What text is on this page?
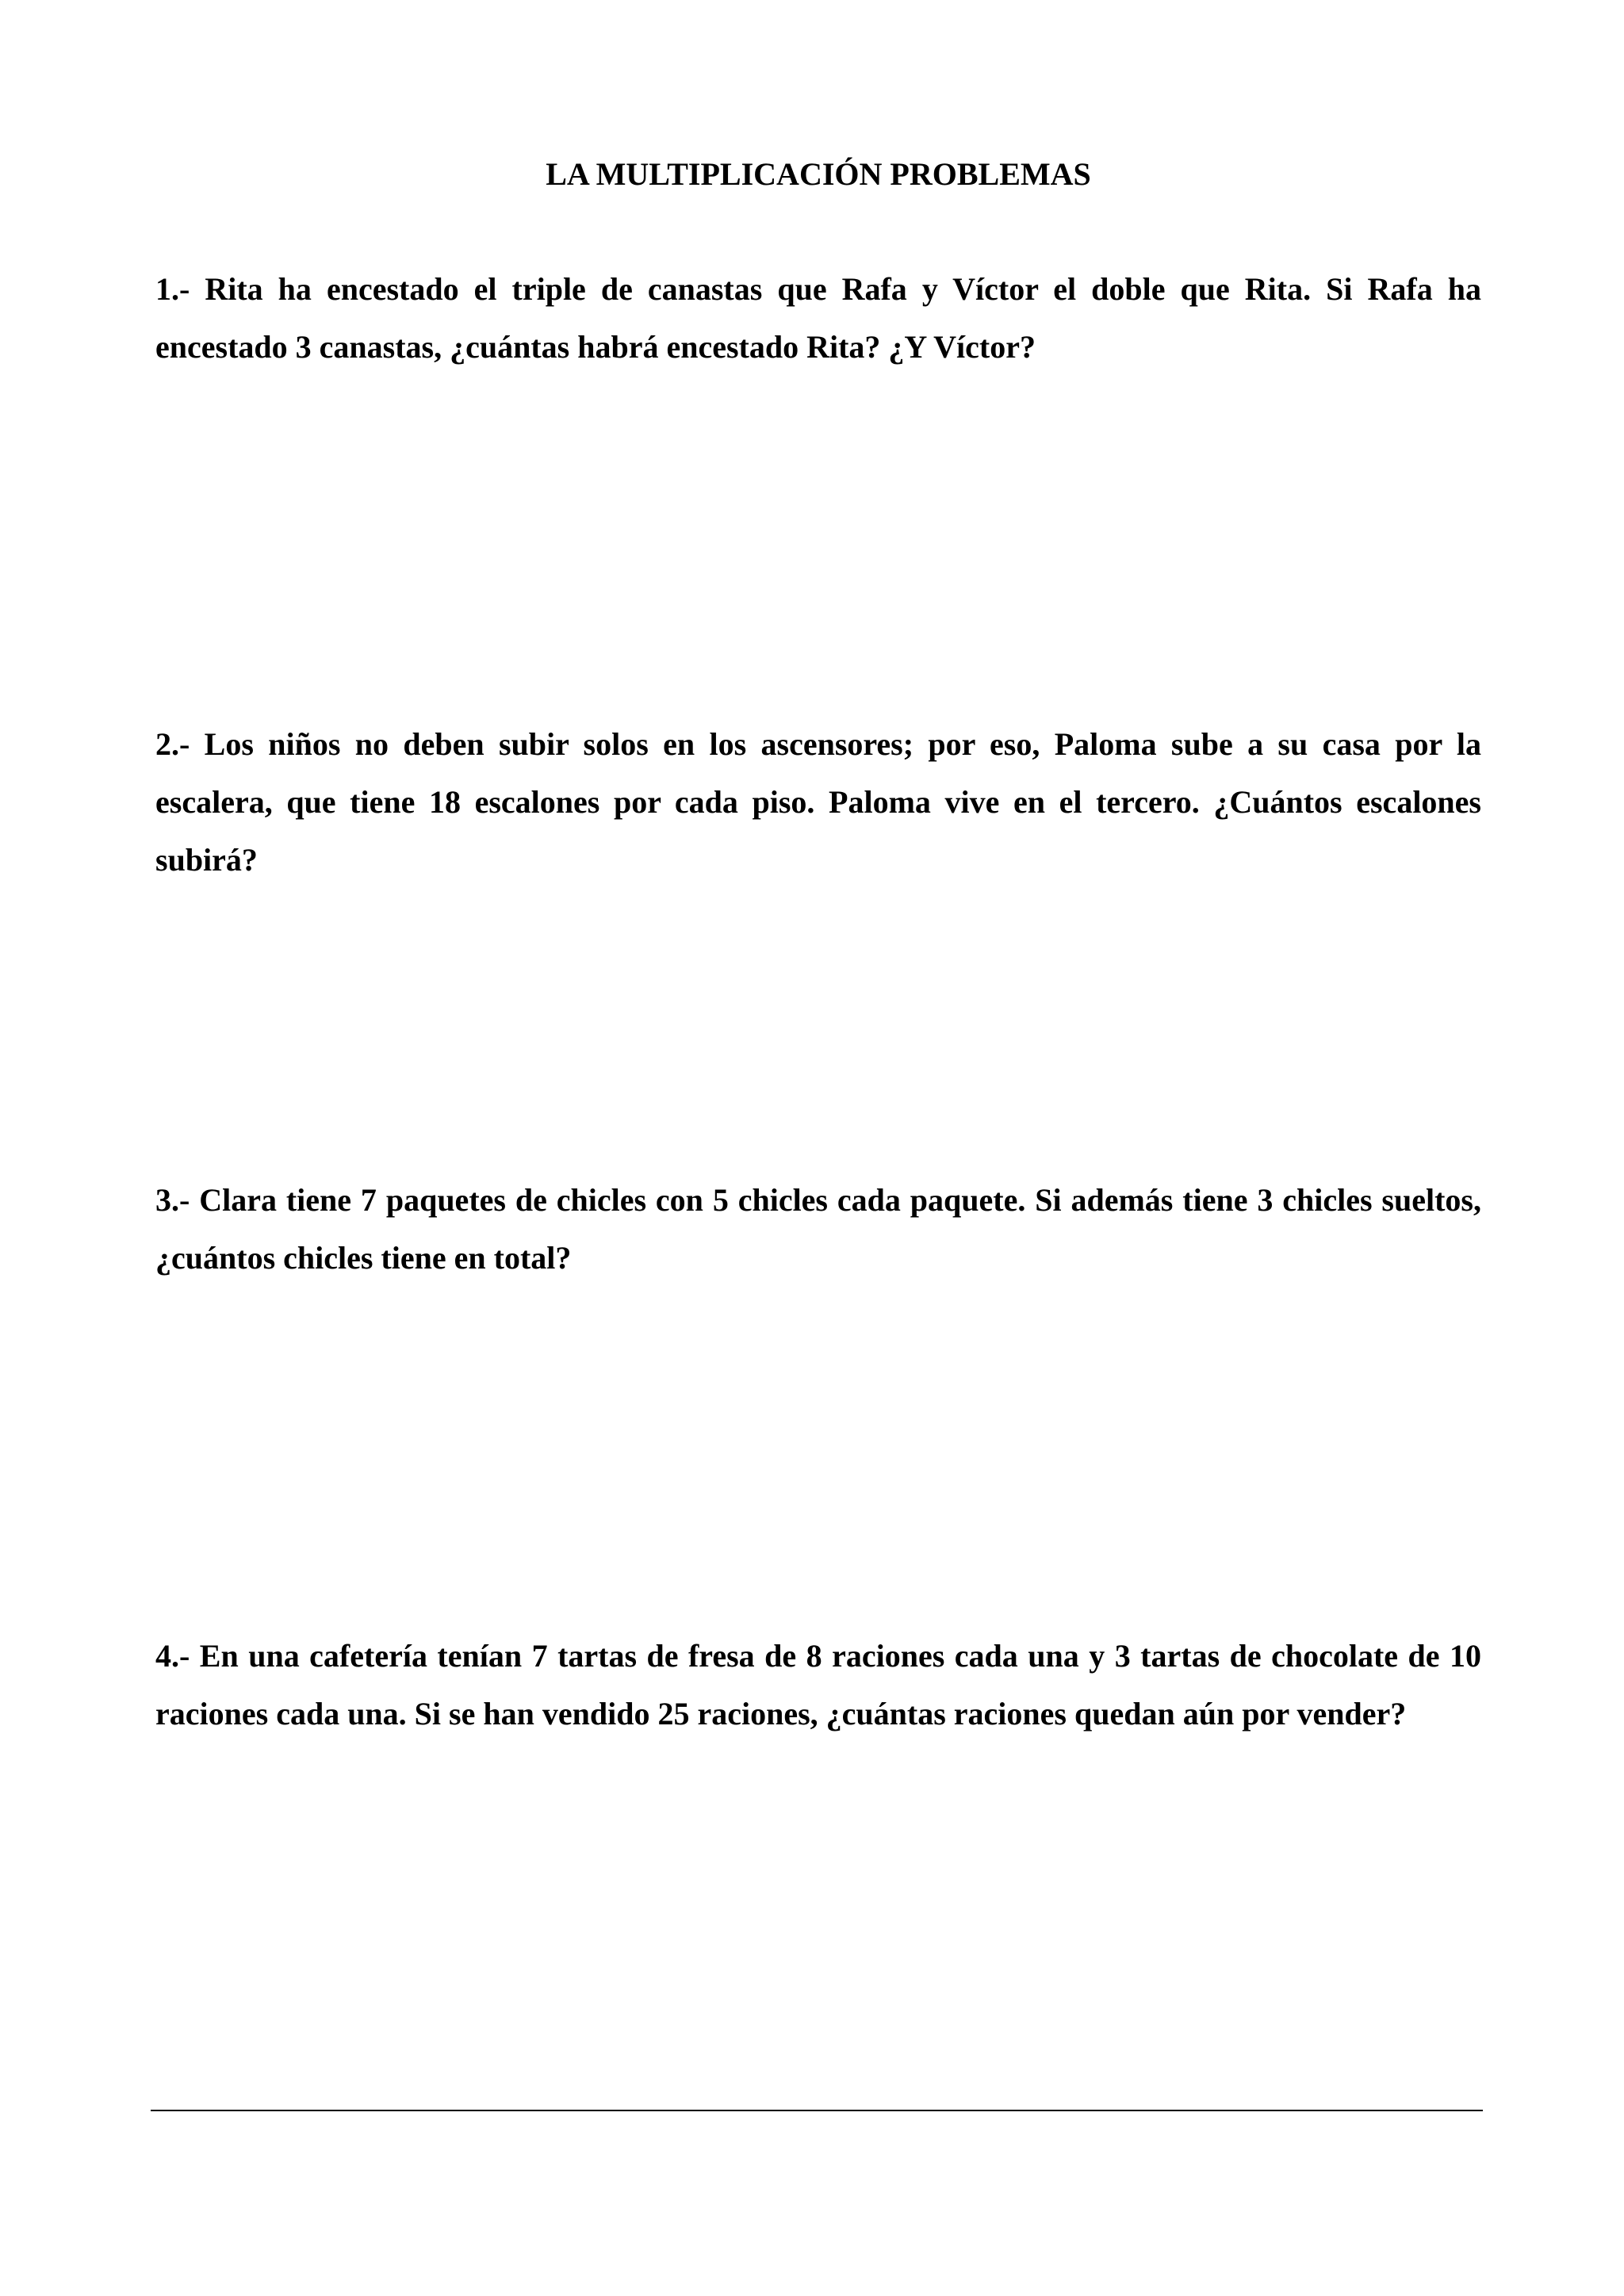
LA MULTIPLICACIÓN PROBLEMAS

1.- Rita ha encestado el triple de canastas que Rafa y Víctor el doble que Rita. Si Rafa ha encestado 3 canastas, ¿cuántas habrá encestado Rita? ¿Y Víctor?

2.- Los niños no deben subir solos en los ascensores; por eso, Paloma sube a su casa por la escalera, que tiene 18 escalones por cada piso. Paloma vive en el tercero. ¿Cuántos escalones subirá?

3.- Clara tiene 7 paquetes de chicles con 5 chicles cada paquete. Si además tiene 3 chicles sueltos, ¿cuántos chicles tiene en total?

4.- En una cafetería tenían 7 tartas de fresa de 8 raciones cada una y 3 tartas de chocolate de 10 raciones cada una. Si se han vendido 25 raciones, ¿cuántas raciones quedan aún por vender?
